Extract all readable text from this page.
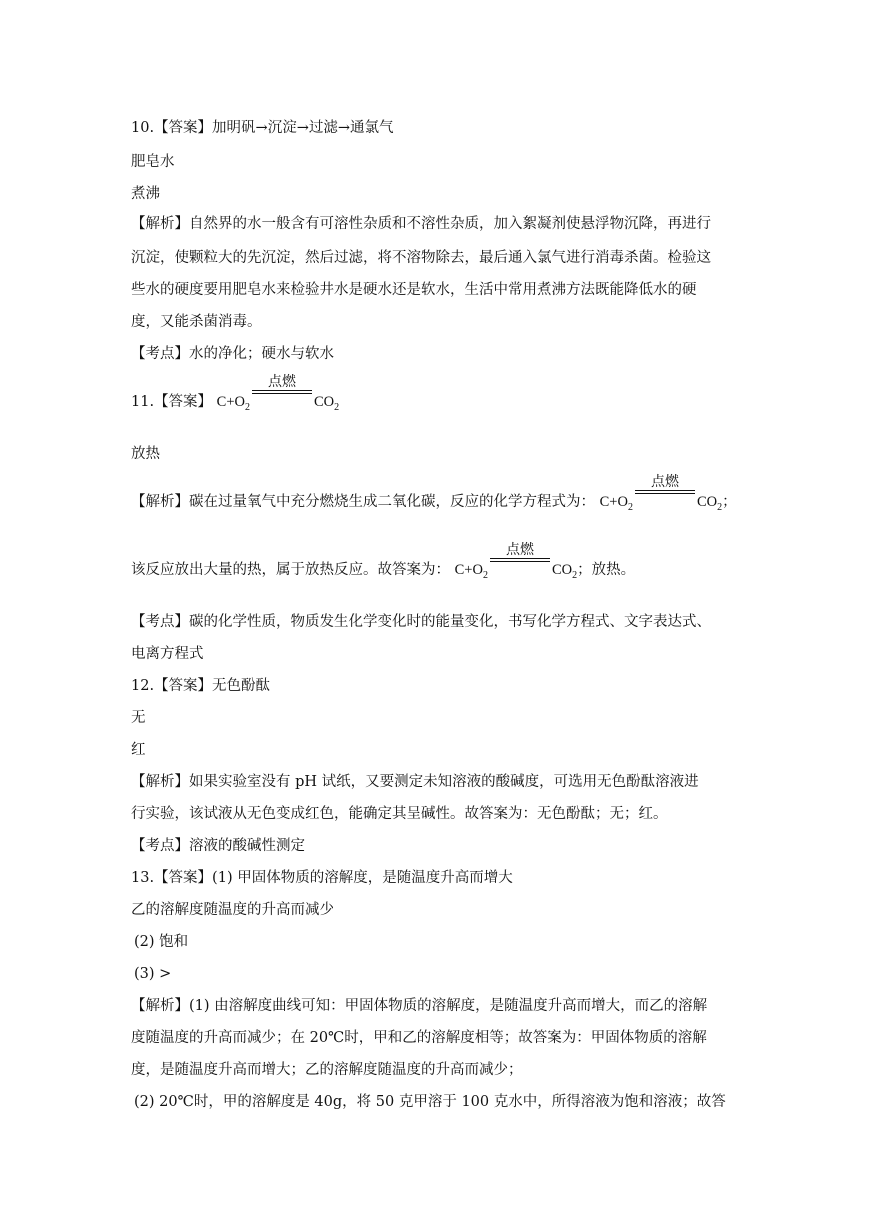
10.【答案】加明矾→沉淀→过滤→通氯气
肥皂水
煮沸
【解析】自然界的水一般含有可溶性杂质和不溶性杂质，加入絮凝剂使悬浮物沉降，再进行
沉淀，使颗粒大的先沉淀，然后过滤，将不溶物除去，最后通入氯气进行消毒杀菌。检验这
些水的硬度要用肥皂水来检验井水是硬水还是软水，生活中常用煮沸方法既能降低水的硬
度，又能杀菌消毒。
【考点】水的净化；硬水与软水
11.【答案】 $C+O_2$
点燃
$CO_2$
放热
【解析】碳在过量氧气中充分燃烧生成二氧化碳，反应的化学方程式为： $C+O_2$
点燃
$CO_2$；
该反应放出大量的热，属于放热反应。故答案为： $C+O_2$
点燃
$CO_2$；放热。
【考点】碳的化学性质，物质发生化学变化时的能量变化，书写化学方程式、文字表达式、
电离方程式
12.【答案】无色酚酞
无
红
【解析】如果实验室没有 pH 试纸，又要测定未知溶液的酸碱度，可选用无色酚酞溶液进
行实验，该试液从无色变成红色，能确定其呈碱性。故答案为：无色酚酞；无；红。
【考点】溶液的酸碱性测定
13.【答案】(1) 甲固体物质的溶解度，是随温度升高而增大
乙的溶解度随温度的升高而减少
(2) 饱和
(3) >
【解析】(1) 由溶解度曲线可知：甲固体物质的溶解度，是随温度升高而增大，而乙的溶解
度随温度的升高而减少；在 20℃时，甲和乙的溶解度相等；故答案为：甲固体物质的溶解
度，是随温度升高而增大；乙的溶解度随温度的升高而减少；
(2) 20℃时，甲的溶解度是 40g，将 50 克甲溶于 100 克水中，所得溶液为饱和溶液；故答
